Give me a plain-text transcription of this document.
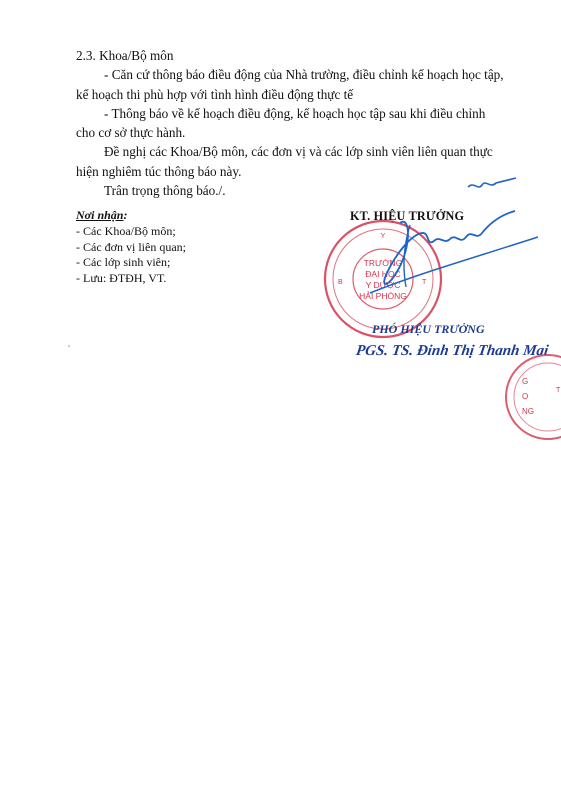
2.3. Khoa/Bộ môn
- Căn cứ thông báo điều động của Nhà trường, điều chỉnh kế hoạch học tập,
kế hoạch thi phù hợp với tình hình điều động thực tế
- Thông báo về kế hoạch điều động, kế hoạch học tập sau khi điều chỉnh
cho cơ sở thực hành.
Đề nghị các Khoa/Bộ môn, các đơn vị và các lớp sinh viên liên quan thực
hiện nghiêm túc thông báo này.
Trân trọng thông báo./.
Nơi nhận:
- Các Khoa/Bộ môn;
- Các đơn vị liên quan;
- Các lớp sinh viên;
- Lưu: ĐTĐH, VT.
KT. HIỆU TRƯỞNG
Y
B	T
TRƯỜNG
ĐẠI HỌC
Y DƯỢC
HẢI PHÒNG
PHÓ HIỆU TRƯỞNG
PGS. TS. Đinh Thị Thanh Mai
G
Ọ
NG
T
